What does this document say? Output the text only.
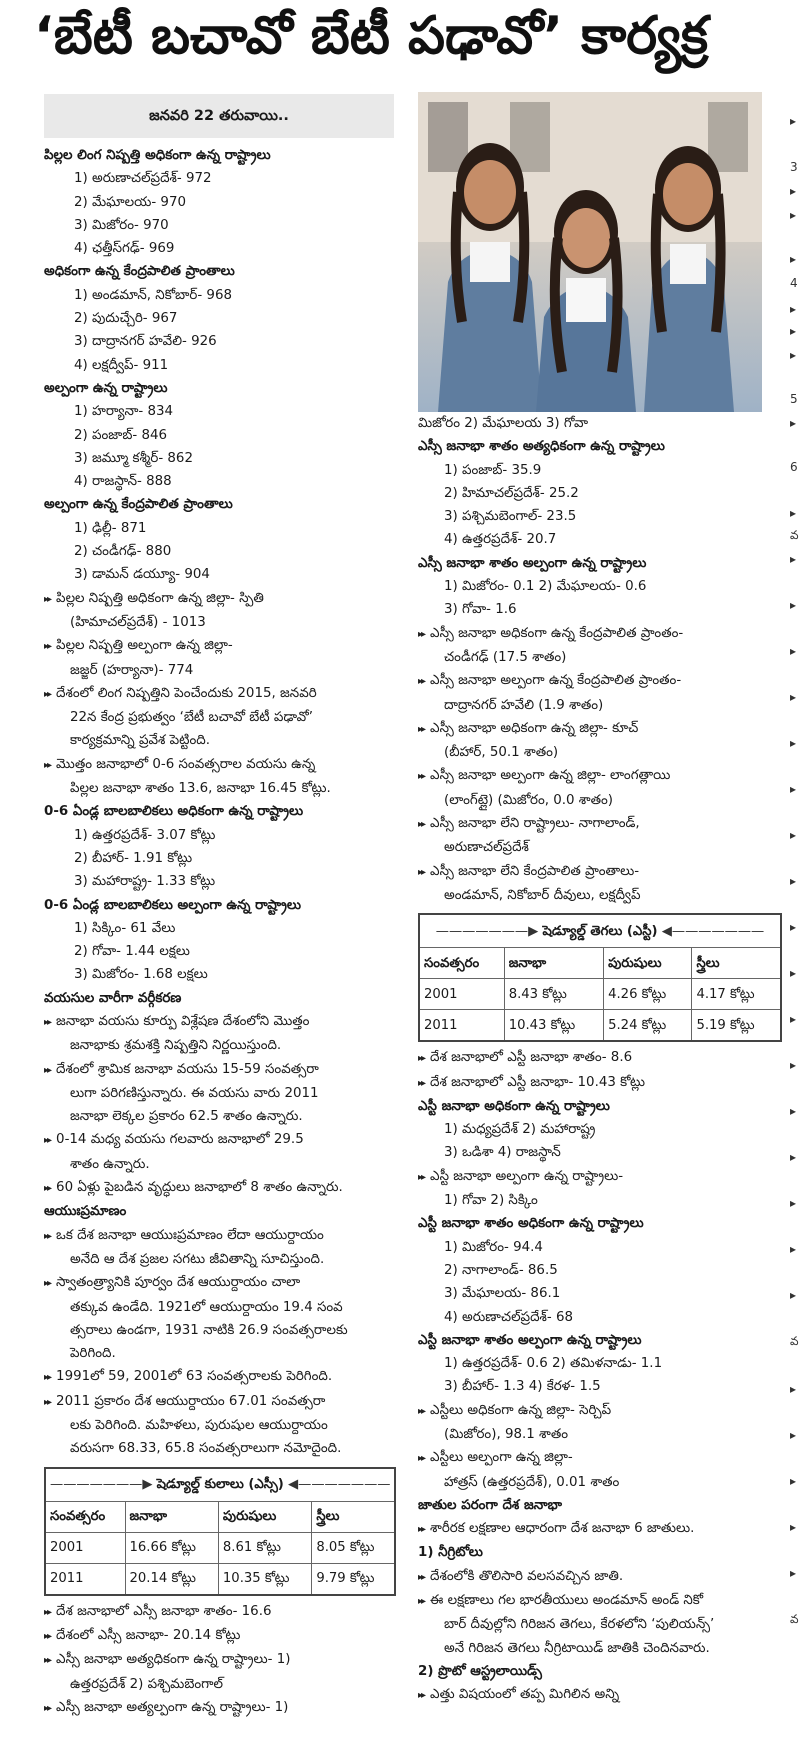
‘బేటీ బచావో బేటీ పఢావో’ కార్యక్ర
జనవరి 22 తరువాయి..
పిల్లల లింగ నిష్పత్తి అధికంగా ఉన్న రాష్ట్రాలు
1) అరుణాచల్‌ప్రదేశ్‌- 972
2) మేఘాలయ- 970
3) మిజోరం- 970
4) ఛత్తీస్‌గఢ్‌- 969
అధికంగా ఉన్న కేంద్రపాలిత ప్రాంతాలు
1) అండమాన్‌, నికోబార్‌- 968
2) పుదుచ్చేరి- 967
3) దాద్రానగర్‌ హవేలి- 926
4) లక్షద్వీప్‌- 911
అల్పంగా ఉన్న రాష్ట్రాలు
1) హర్యానా- 834
2) పంజాబ్‌- 846
3) జమ్మూ కశ్మీర్‌- 862
4) రాజస్థాన్‌- 888
అల్పంగా ఉన్న కేంద్రపాలిత ప్రాంతాలు
1) ఢిల్లీ- 871
2) చండీగఢ్‌- 880
3) డామన్‌ డయ్యూ- 904
▸▸ పిల్లల నిష్పత్తి అధికంగా ఉన్న జిల్లా- స్పితి
(హిమాచల్‌ప్రదేశ్‌) - 1013
▸▸ పిల్లల నిష్పత్తి అల్పంగా ఉన్న జిల్లా-
జజ్జర్‌ (హర్యానా)- 774
▸▸ దేశంలో లింగ నిష్పత్తిని పెంచేందుకు 2015, జనవరి
22న కేంద్ర ప్రభుత్వం ‘బేటీ బచావో బేటీ పఢావో’
కార్యక్రమాన్ని ప్రవేశ పెట్టింది.
▸▸ మొత్తం జనాభాలో 0-6 సంవత్సరాల వయసు ఉన్న
పిల్లల జనాభా శాతం 13.6, జనాభా 16.45 కోట్లు.
0-6 ఏండ్ల బాలబాలికలు అధికంగా ఉన్న రాష్ట్రాలు
1) ఉత్తరప్రదేశ్‌- 3.07 కోట్లు
2) బీహార్‌- 1.91 కోట్లు
3) మహారాష్ట్ర- 1.33 కోట్లు
0-6 ఏండ్ల బాలబాలికలు అల్పంగా ఉన్న రాష్ట్రాలు
1) సిక్కిం- 61 వేలు
2) గోవా- 1.44 లక్షలు
3) మిజోరం- 1.68 లక్షలు
వయసుల వారీగా వర్గీకరణ
▸▸ జనాభా వయసు కూర్పు విశ్లేషణ దేశంలోని మొత్తం
జనాభాకు శ్రమశక్తి నిష్పత్తిని నిర్ణయిస్తుంది.
▸▸ దేశంలో శ్రామిక జనాభా వయసు 15-59 సంవత్సరా
లుగా పరిగణిస్తున్నారు. ఈ వయసు వారు 2011
జనాభా లెక్కల ప్రకారం 62.5 శాతం ఉన్నారు.
▸▸ 0-14 మధ్య వయసు గలవారు జనాభాలో 29.5
శాతం ఉన్నారు.
▸▸ 60 ఏళ్లు పైబడిన వృద్ధులు జనాభాలో 8 శాతం ఉన్నారు.
ఆయుఃప్రమాణం
▸▸ ఒక దేశ జనాభా ఆయుఃప్రమాణం లేదా ఆయుర్దాయం
అనేది ఆ దేశ ప్రజల సగటు జీవితాన్ని సూచిస్తుంది.
▸▸ స్వాతంత్ర్యానికి పూర్వం దేశ ఆయుర్దాయం చాలా
తక్కువ ఉండేది. 1921లో ఆయుర్దాయం 19.4 సంవ
త్సరాలు ఉండగా, 1931 నాటికి 26.9 సంవత్సరాలకు
పెరిగింది.
▸▸ 1991లో 59, 2001లో 63 సంవత్సరాలకు పెరిగింది.
▸▸ 2011 ప్రకారం దేశ ఆయుర్దాయం 67.01 సంవత్సరా
లకు పెరిగింది. మహిళలు, పురుషుల ఆయుర్దాయం
వరుసగా 68.33, 65.8 సంవత్సరాలుగా నమోదైంది.
———————▶ షెడ్యూల్డ్‌ కులాలు (ఎస్సీ) ◀———————			
సంవత్సరం	జనాభా	పురుషులు	స్త్రీలు
2001	16.66 కోట్లు	8.61 కోట్లు	8.05 కోట్లు
2011	20.14 కోట్లు	10.35 కోట్లు	9.79 కోట్లు
▸▸ దేశ జనాభాలో ఎస్సీ జనాభా శాతం- 16.6
▸▸ దేశంలో ఎస్సీ జనాభా- 20.14 కోట్లు
▸▸ ఎస్సీ జనాభా అత్యధికంగా ఉన్న రాష్ట్రాలు- 1)
ఉత్తరప్రదేశ్‌ 2) పశ్చిమబెంగాల్‌
▸▸ ఎస్సీ జనాభా అత్యల్పంగా ఉన్న రాష్ట్రాలు- 1)
మిజోరం 2) మేఘాలయ 3) గోవా
ఎస్సీ జనాభా శాతం అత్యధికంగా ఉన్న రాష్ట్రాలు
1) పంజాబ్‌- 35.9
2) హిమాచల్‌ప్రదేశ్‌- 25.2
3) పశ్చిమబెంగాల్‌- 23.5
4) ఉత్తరప్రదేశ్‌- 20.7
ఎస్సీ జనాభా శాతం అల్పంగా ఉన్న రాష్ట్రాలు
1) మిజోరం- 0.1 2) మేఘాలయ- 0.6
3) గోవా- 1.6
▸▸ ఎస్సీ జనాభా అధికంగా ఉన్న కేంద్రపాలిత ప్రాంతం-
చండీగఢ్‌ (17.5 శాతం)
▸▸ ఎస్సీ జనాభా అల్పంగా ఉన్న కేంద్రపాలిత ప్రాంతం-
దాద్రానగర్‌ హవేలి (1.9 శాతం)
▸▸ ఎస్సీ జనాభా అధికంగా ఉన్న జిల్లా- కూచ్‌
(బీహార్‌, 50.1 శాతం)
▸▸ ఎస్సీ జనాభా అల్పంగా ఉన్న జిల్లా- లాంగత్లాయి
(లాంగ్‌ట్లై) (మిజోరం, 0.0 శాతం)
▸▸ ఎస్సీ జనాభా లేని రాష్ట్రాలు- నాగాలాండ్‌,
అరుణాచల్‌ప్రదేశ్‌
▸▸ ఎస్సీ జనాభా లేని కేంద్రపాలిత ప్రాంతాలు-
అండమాన్‌, నికోబార్‌ దీవులు, లక్షద్వీప్‌
———————▶ షెడ్యూల్డ్‌ తెగలు (ఎస్టీ) ◀———————			
సంవత్సరం	జనాభా	పురుషులు	స్త్రీలు
2001	8.43 కోట్లు	4.26 కోట్లు	4.17 కోట్లు
2011	10.43 కోట్లు	5.24 కోట్లు	5.19 కోట్లు
▸▸ దేశ జనాభాలో ఎస్టీ జనాభా శాతం- 8.6
▸▸ దేశ జనాభాలో ఎస్టీ జనాభా- 10.43 కోట్లు
ఎస్టీ జనాభా అధికంగా ఉన్న రాష్ట్రాలు
1) మధ్యప్రదేశ్‌ 2) మహారాష్ట్ర
3) ఒడిశా 4) రాజస్థాన్‌
▸▸ ఎస్టీ జనాభా అల్పంగా ఉన్న రాష్ట్రాలు-
1) గోవా 2) సిక్కిం
ఎస్టీ జనాభా శాతం అధికంగా ఉన్న రాష్ట్రాలు
1) మిజోరం- 94.4
2) నాగాలాండ్‌- 86.5
3) మేఘాలయ- 86.1
4) అరుణాచల్‌ప్రదేశ్‌- 68
ఎస్టీ జనాభా శాతం అల్పంగా ఉన్న రాష్ట్రాలు
1) ఉత్తరప్రదేశ్‌- 0.6 2) తమిళనాడు- 1.1
3) బీహార్‌- 1.3 4) కేరళ- 1.5
▸▸ ఎస్టీలు అధికంగా ఉన్న జిల్లా- సెర్చిప్‌
(మిజోరం), 98.1 శాతం
▸▸ ఎస్టీలు అల్పంగా ఉన్న జిల్లా-
హాత్రస్‌ (ఉత్తరప్రదేశ్‌), 0.01 శాతం
జాతుల పరంగా దేశ జనాభా
▸▸ శారీరక లక్షణాల ఆధారంగా దేశ జనాభా 6 జాతులు.
1) నీగ్రిటోలు
▸▸ దేశంలోకి తొలిసారి వలసవచ్చిన జాతి.
▸▸ ఈ లక్షణాలు గల భారతీయులు అండమాన్‌ అండ్‌ నికో
బార్‌ దీవుల్లోని గిరిజన తెగలు, కేరళలోని ‘పులియన్స్‌’
అనే గిరిజన తెగలు నీగ్రిటాయిడ్‌ జాతికి చెందినవారు.
2) ప్రొటో ఆస్ట్రలాయిడ్స్‌
▸▸ ఎత్తు విషయంలో తప్ప మిగిలిన అన్ని
▸
3
▸
▸
▸
4
▸
▸
▸
5
▸
6
▸
వ
▸
▸
▸
▸
▸
▸
▸
▸
▸
▸
▸
▸
▸
▸
▸
▸
▸
వ
▸
▸
▸
▸
▸
వ
